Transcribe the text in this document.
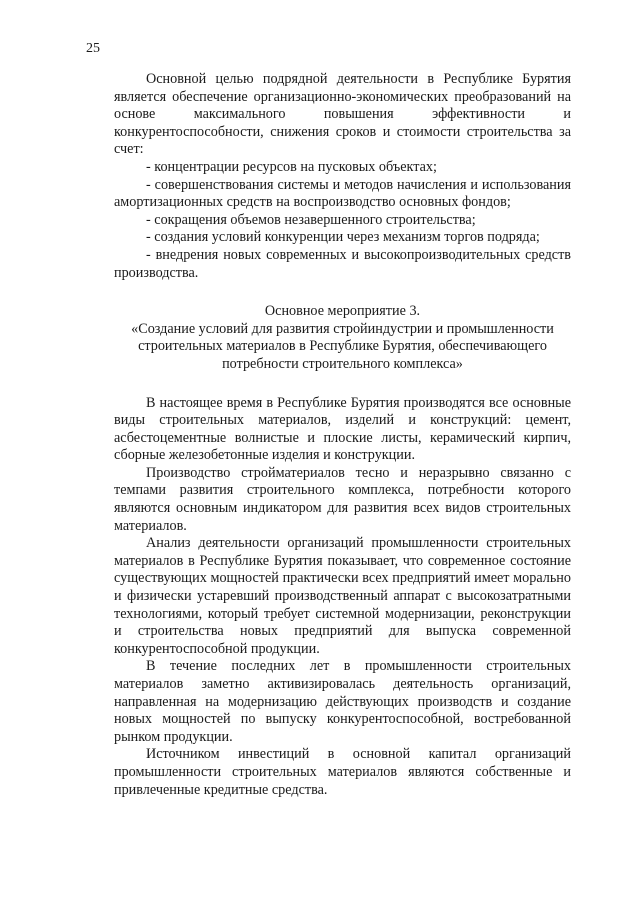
25

Основной целью подрядной деятельности в Республике Бурятия является обеспечение организационно-экономических преобразований на основе максимального повышения эффективности и конкурентоспособности, снижения сроков и стоимости строительства за счет:

- концентрации ресурсов на пусковых объектах;

- совершенствования системы и методов начисления и использования амортизационных средств на воспроизводство основных фондов;

- сокращения объемов незавершенного строительства;

- создания условий конкуренции через механизм торгов подряда;

- внедрения новых современных и высокопроизводительных средств производства.

Основное мероприятие 3.
«Создание условий для развития стройиндустрии и промышленности строительных материалов в Республике Бурятия, обеспечивающего потребности строительного комплекса»

В настоящее время в Республике Бурятия производятся все основные виды строительных материалов, изделий и конструкций: цемент, асбестоцементные волнистые и плоские листы, керамический кирпич, сборные железобетонные изделия и конструкции.

Производство стройматериалов тесно и неразрывно связанно с темпами развития строительного комплекса, потребности которого являются основным индикатором для развития всех видов строительных материалов.

Анализ деятельности организаций промышленности строительных материалов в Республике Бурятия показывает, что современное состояние существующих мощностей практически всех предприятий имеет морально и физически устаревший производственный аппарат с высокозатратными технологиями, который требует системной модернизации, реконструкции и строительства новых предприятий для выпуска современной конкурентоспособной продукции.

В течение последних лет в промышленности строительных материалов заметно активизировалась деятельность организаций, направленная на модернизацию действующих производств и создание новых мощностей по выпуску конкурентоспособной, востребованной рынком продукции.

Источником инвестиций в основной капитал организаций промышленности строительных материалов являются собственные и привлеченные кредитные средства.
